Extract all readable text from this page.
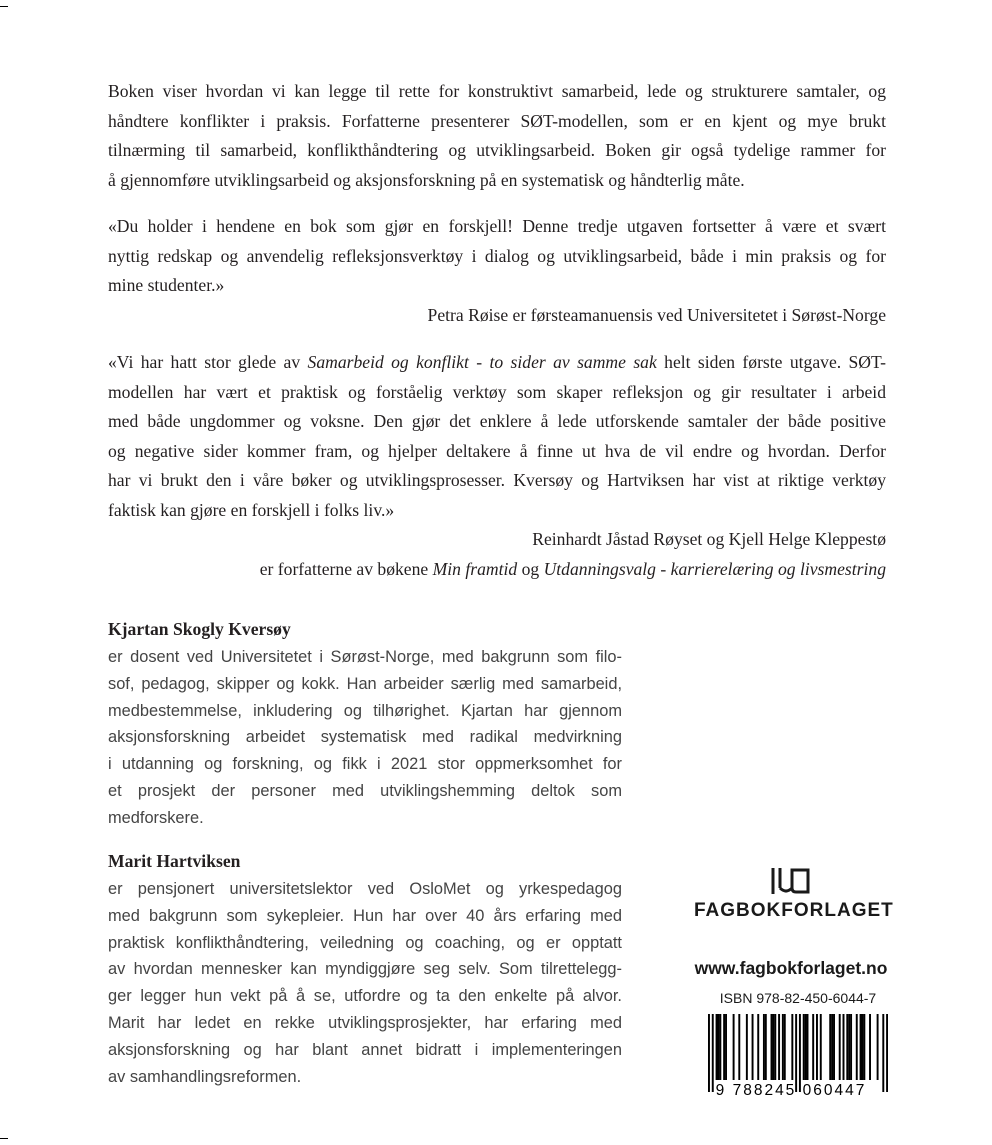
Boken viser hvordan vi kan legge til rette for konstruktivt samarbeid, lede og strukturere samtaler, og
håndtere konflikter i praksis. Forfatterne presenterer SØT-modellen, som er en kjent og mye brukt
tilnærming til samarbeid, konflikthåndtering og utviklingsarbeid. Boken gir også tydelige rammer for
å gjennomføre utviklingsarbeid og aksjonsforskning på en systematisk og håndterlig måte.
«Du holder i hendene en bok som gjør en forskjell! Denne tredje utgaven fortsetter å være et svært
nyttig redskap og anvendelig refleksjonsverktøy i dialog og utviklingsarbeid, både i min praksis og for
mine studenter.»
Petra Røise er førsteamanuensis ved Universitetet i Sørøst-Norge
«Vi har hatt stor glede av Samarbeid og konflikt - to sider av samme sak helt siden første utgave. SØT-
modellen har vært et praktisk og forståelig verktøy som skaper refleksjon og gir resultater i arbeid
med både ungdommer og voksne. Den gjør det enklere å lede utforskende samtaler der både positive
og negative sider kommer fram, og hjelper deltakere å finne ut hva de vil endre og hvordan. Derfor
har vi brukt den i våre bøker og utviklingsprosesser. Kversøy og Hartviksen har vist at riktige verktøy
faktisk kan gjøre en forskjell i folks liv.»
Reinhardt Jåstad Røyset og Kjell Helge Kleppestø
er forfatterne av bøkene Min framtid og Utdanningsvalg - karrierelæring og livsmestring
Kjartan Skogly Kversøy
er dosent ved Universitetet i Sørøst-Norge, med bakgrunn som filo-
sof, pedagog, skipper og kokk. Han arbeider særlig med samarbeid,
medbestemmelse, inkludering og tilhørighet. Kjartan har gjennom
aksjonsforskning arbeidet systematisk med radikal medvirkning
i utdanning og forskning, og fikk i 2021 stor oppmerksomhet for
et prosjekt der personer med utviklingshemming deltok som
medforskere.
Marit Hartviksen
er pensjonert universitetslektor ved OsloMet og yrkespedagog
med bakgrunn som sykepleier. Hun har over 40 års erfaring med
praktisk konflikthåndtering, veiledning og coaching, og er opptatt
av hvordan mennesker kan myndiggjøre seg selv. Som tilrettelegg-
ger legger hun vekt på å se, utfordre og ta den enkelte på alvor.
Marit har ledet en rekke utviklingsprosjekter, har erfaring med
aksjonsforskning og har blant annet bidratt i implementeringen
av samhandlingsreformen.
FAGBOKFORLAGET
www.fagbokforlaget.no
ISBN 978-82-450-6044-7
9 788245 060447
